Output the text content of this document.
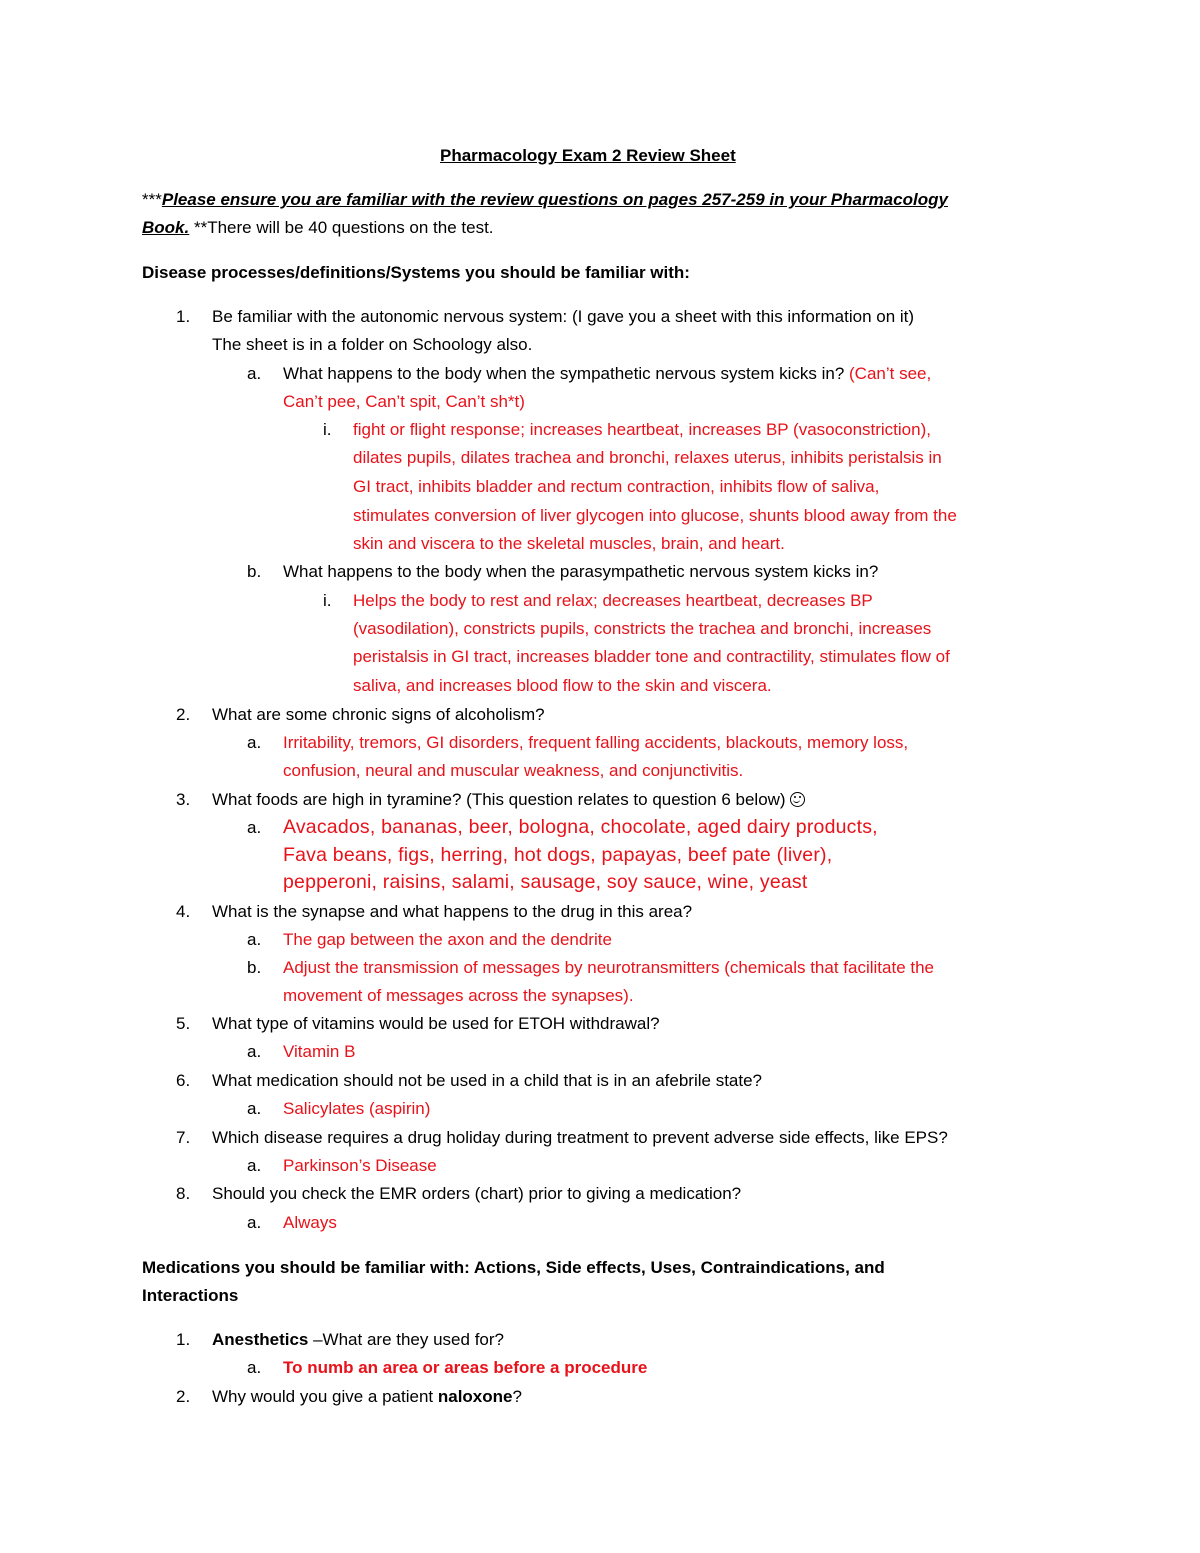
Pharmacology Exam 2 Review Sheet
***Please ensure you are familiar with the review questions on pages 257-259 in your Pharmacology
Book. **There will be 40 questions on the test.
Disease processes/definitions/Systems you should be familiar with:
1. Be familiar with the autonomic nervous system: (I gave you a sheet with this information on it)
The sheet is in a folder on Schoology also.
a. What happens to the body when the sympathetic nervous system kicks in? (Can’t see,
Can’t pee, Can’t spit, Can’t sh*t)
i. fight or flight response; increases heartbeat, increases BP (vasoconstriction),
dilates pupils, dilates trachea and bronchi, relaxes uterus, inhibits peristalsis in
GI tract, inhibits bladder and rectum contraction, inhibits flow of saliva,
stimulates conversion of liver glycogen into glucose, shunts blood away from the
skin and viscera to the skeletal muscles, brain, and heart.
b. What happens to the body when the parasympathetic nervous system kicks in?
i. Helps the body to rest and relax; decreases heartbeat, decreases BP
(vasodilation), constricts pupils, constricts the trachea and bronchi, increases
peristalsis in GI tract, increases bladder tone and contractility, stimulates flow of
saliva, and increases blood flow to the skin and viscera.
2. What are some chronic signs of alcoholism?
a. Irritability, tremors, GI disorders, frequent falling accidents, blackouts, memory loss,
confusion, neural and muscular weakness, and conjunctivitis.
3. What foods are high in tyramine? (This question relates to question 6 below)
a. Avacados, bananas, beer, bologna, chocolate, aged dairy products,
Fava beans, figs, herring, hot dogs, papayas, beef pate (liver),
pepperoni, raisins, salami, sausage, soy sauce, wine, yeast
4. What is the synapse and what happens to the drug in this area?
a. The gap between the axon and the dendrite
b. Adjust the transmission of messages by neurotransmitters (chemicals that facilitate the
movement of messages across the synapses).
5. What type of vitamins would be used for ETOH withdrawal?
a. Vitamin B
6. What medication should not be used in a child that is in an afebrile state?
a. Salicylates (aspirin)
7. Which disease requires a drug holiday during treatment to prevent adverse side effects, like EPS?
a. Parkinson’s Disease
8. Should you check the EMR orders (chart) prior to giving a medication?
a. Always
Medications you should be familiar with: Actions, Side effects, Uses, Contraindications, and
Interactions
1. Anesthetics –What are they used for?
a. To numb an area or areas before a procedure
2. Why would you give a patient naloxone?
